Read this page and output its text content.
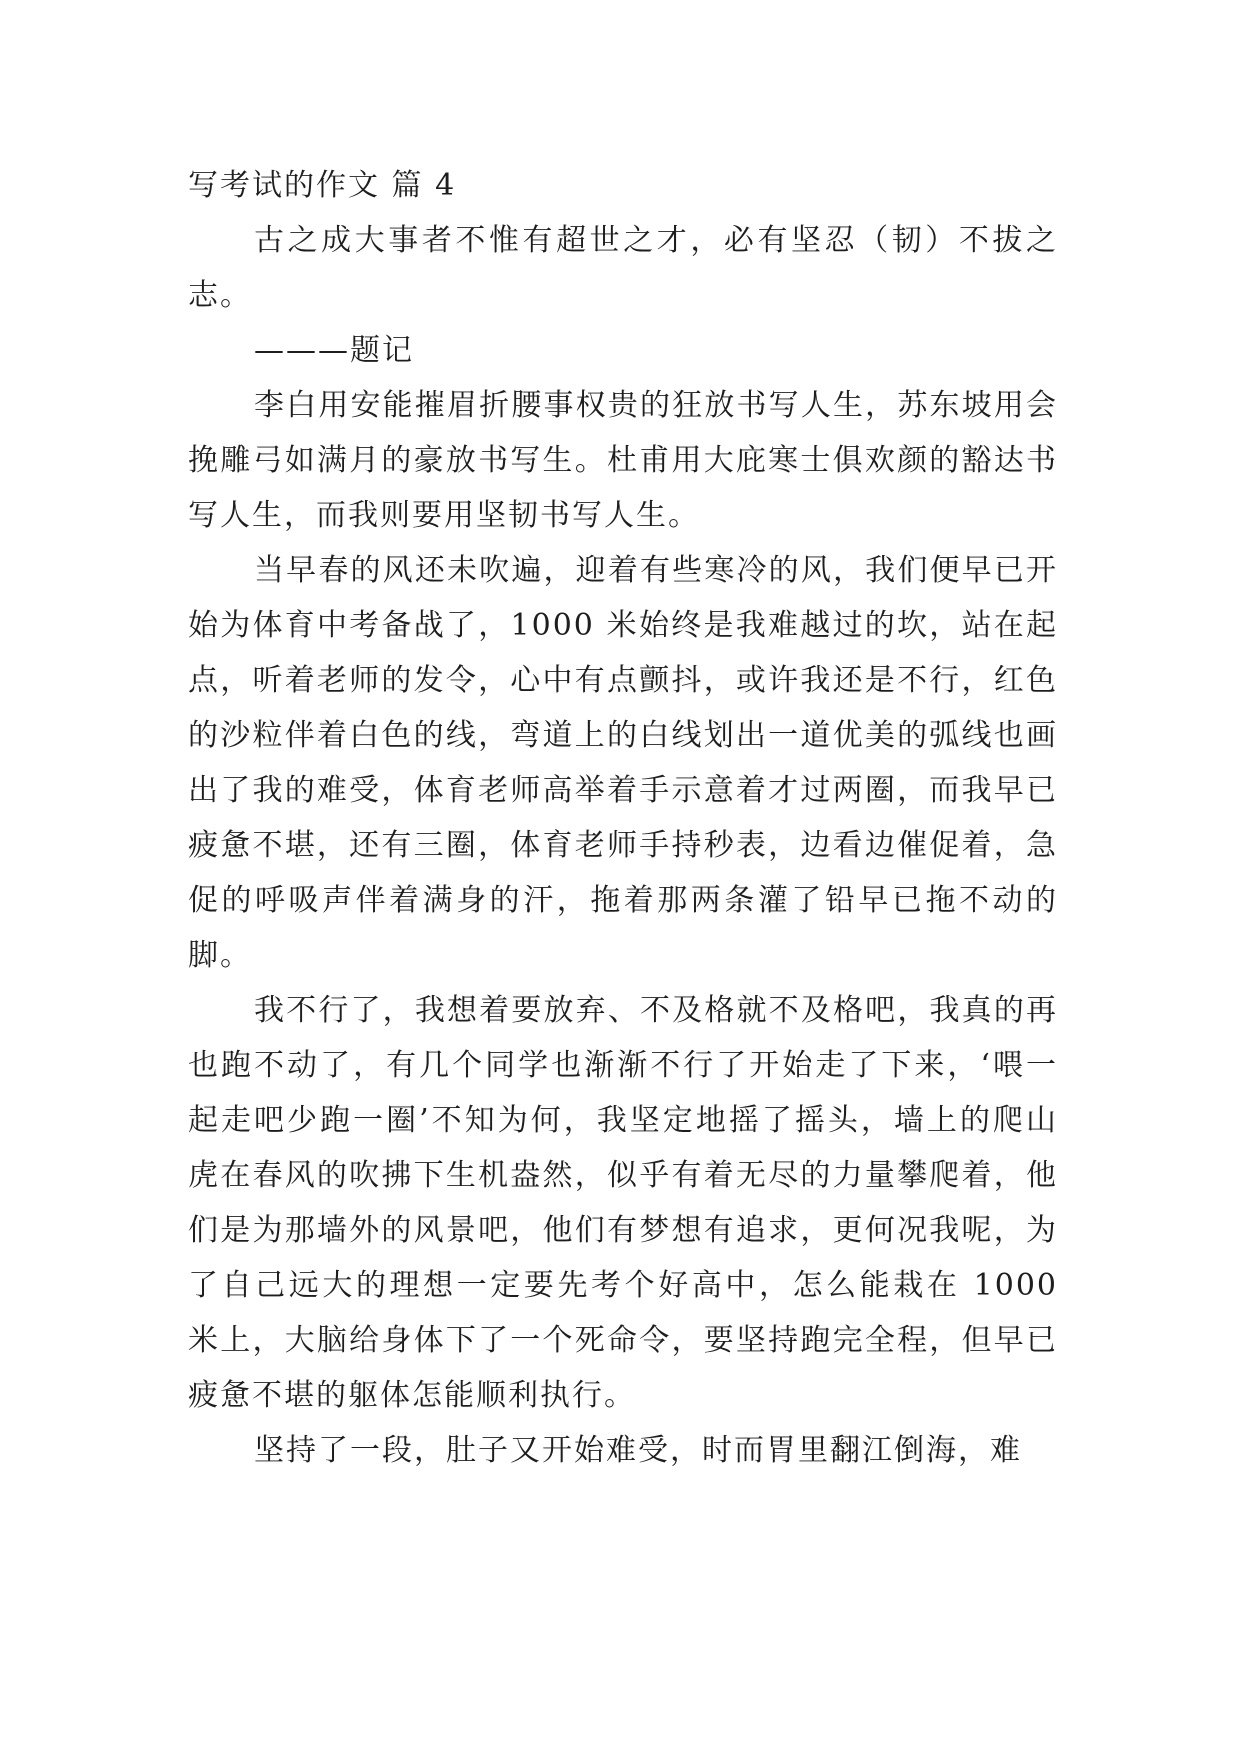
写考试的作文 篇 4

古之成大事者不惟有超世之才，必有坚忍（韧）不拔之志。

———题记

李白用安能摧眉折腰事权贵的狂放书写人生，苏东坡用会挽雕弓如满月的豪放书写生。杜甫用大庇寒士俱欢颜的豁达书写人生，而我则要用坚韧书写人生。

当早春的风还未吹遍，迎着有些寒冷的风，我们便早已开始为体育中考备战了，1000 米始终是我难越过的坎，站在起点，听着老师的发令，心中有点颤抖，或许我还是不行，红色的沙粒伴着白色的线，弯道上的白线划出一道优美的弧线也画出了我的难受，体育老师高举着手示意着才过两圈，而我早已疲惫不堪，还有三圈，体育老师手持秒表，边看边催促着，急促的呼吸声伴着满身的汗，拖着那两条灌了铅早已拖不动的脚。

我不行了，我想着要放弃、不及格就不及格吧，我真的再也跑不动了，有几个同学也渐渐不行了开始走了下来，‘喂一起走吧少跑一圈’不知为何，我坚定地摇了摇头，墙上的爬山虎在春风的吹拂下生机盎然，似乎有着无尽的力量攀爬着，他们是为那墙外的风景吧，他们有梦想有追求，更何况我呢，为了自己远大的理想一定要先考个好高中，怎么能栽在 1000 米上，大脑给身体下了一个死命令，要坚持跑完全程，但早已疲惫不堪的躯体怎能顺利执行。

坚持了一段，肚子又开始难受，时而胃里翻江倒海，难
